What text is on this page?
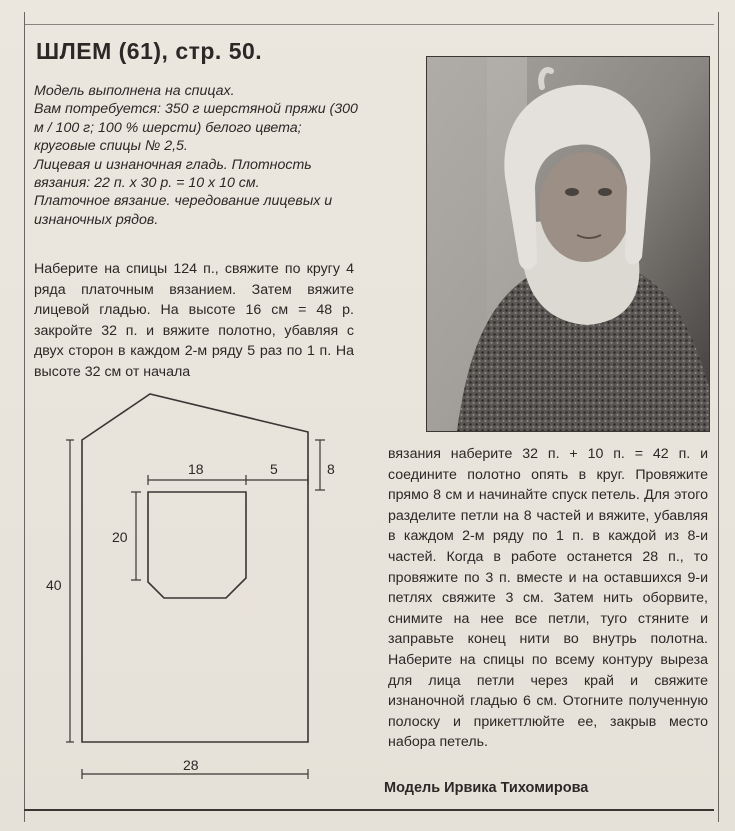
ШЛЕМ (61), стр. 50.

Модель выполнена на спицах.

Вам потребуется: 350 г шерстяной пряжи (300 м / 100 г; 100 % шерсти) белого цвета; круговые спицы № 2,5.

Лицевая и изнаночная гладь. Плотность вязания: 22 п. х 30 р. = 10 х 10 см.

Платочное вязание. чередование лицевых и изнаночных рядов.

Наберите на спицы 124 п., свяжите по кругу 4 ряда платочным вязанием. Затем вяжите лицевой гладью. На высоте 16 см = 48 р. закройте 32 п. и вяжите полотно, убавляя с двух сторон в каждом 2-м ряду 5 раз по 1 п. На высоте 32 см от начала
вязания наберите 32 п. + 10 п. = 42 п. и соедините полотно опять в круг. Провяжите прямо 8 см и начинайте спуск петель. Для этого разделите петли на 8 частей и вяжите, убавляя в каждом 2-м ряду по 1 п. в каждой из 8-и частей. Когда в работе останется 28 п., то провяжите по 3 п. вместе и на оставшихся 9-и петлях свяжите 3 см. Затем нить оборвите, снимите на нее все петли, туго стяните и заправьте конец нити во внутрь полотна. Наберите на спицы по всему контуру выреза для лица петли через край и свяжите изнаночной гладью 6 см. Отогните полученную полоску и прикеттлюйте ее, закрыв место набора петель.
Модель Ирвика Тихомирова
40
28
18	5	8
20
